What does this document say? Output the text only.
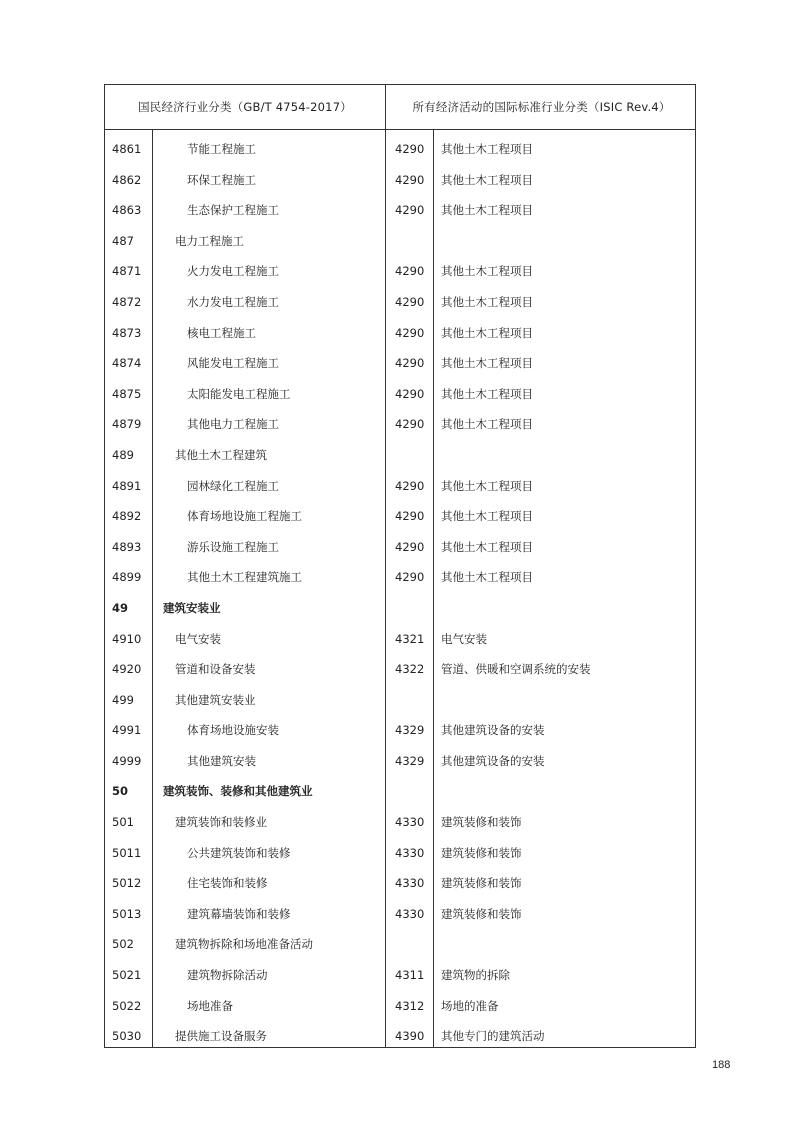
国民经济行业分类（GB/T 4754-2017）	所有经济活动的国际标准行业分类（ISIC Rev.4）
4861	节能工程施工	4290 其他土木工程项目
4862	环保工程施工	4290 其他土木工程项目
4863	生态保护工程施工	4290 其他土木工程项目
487	电力工程施工
4871	火力发电工程施工	4290 其他土木工程项目
4872	水力发电工程施工	4290 其他土木工程项目
4873	核电工程施工	4290 其他土木工程项目
4874	风能发电工程施工	4290 其他土木工程项目
4875	太阳能发电工程施工	4290 其他土木工程项目
4879	其他电力工程施工	4290 其他土木工程项目
489	其他土木工程建筑
4891	园林绿化工程施工	4290 其他土木工程项目
4892	体育场地设施工程施工	4290 其他土木工程项目
4893	游乐设施工程施工	4290 其他土木工程项目
4899	其他土木工程建筑施工	4290 其他土木工程项目
49	建筑安装业
4910	电气安装	4321 电气安装
4920	管道和设备安装	4322 管道、供暖和空调系统的安装
499	其他建筑安装业
4991	体育场地设施安装	4329 其他建筑设备的安装
4999	其他建筑安装	4329 其他建筑设备的安装
50	建筑装饰、装修和其他建筑业
501	建筑装饰和装修业	4330 建筑装修和装饰
5011	公共建筑装饰和装修	4330 建筑装修和装饰
5012	住宅装饰和装修	4330 建筑装修和装饰
5013	建筑幕墙装饰和装修	4330 建筑装修和装饰
502	建筑物拆除和场地准备活动
5021	建筑物拆除活动	4311 建筑物的拆除
5022	场地准备	4312 场地的准备
5030	提供施工设备服务	4390 其他专门的建筑活动
188
